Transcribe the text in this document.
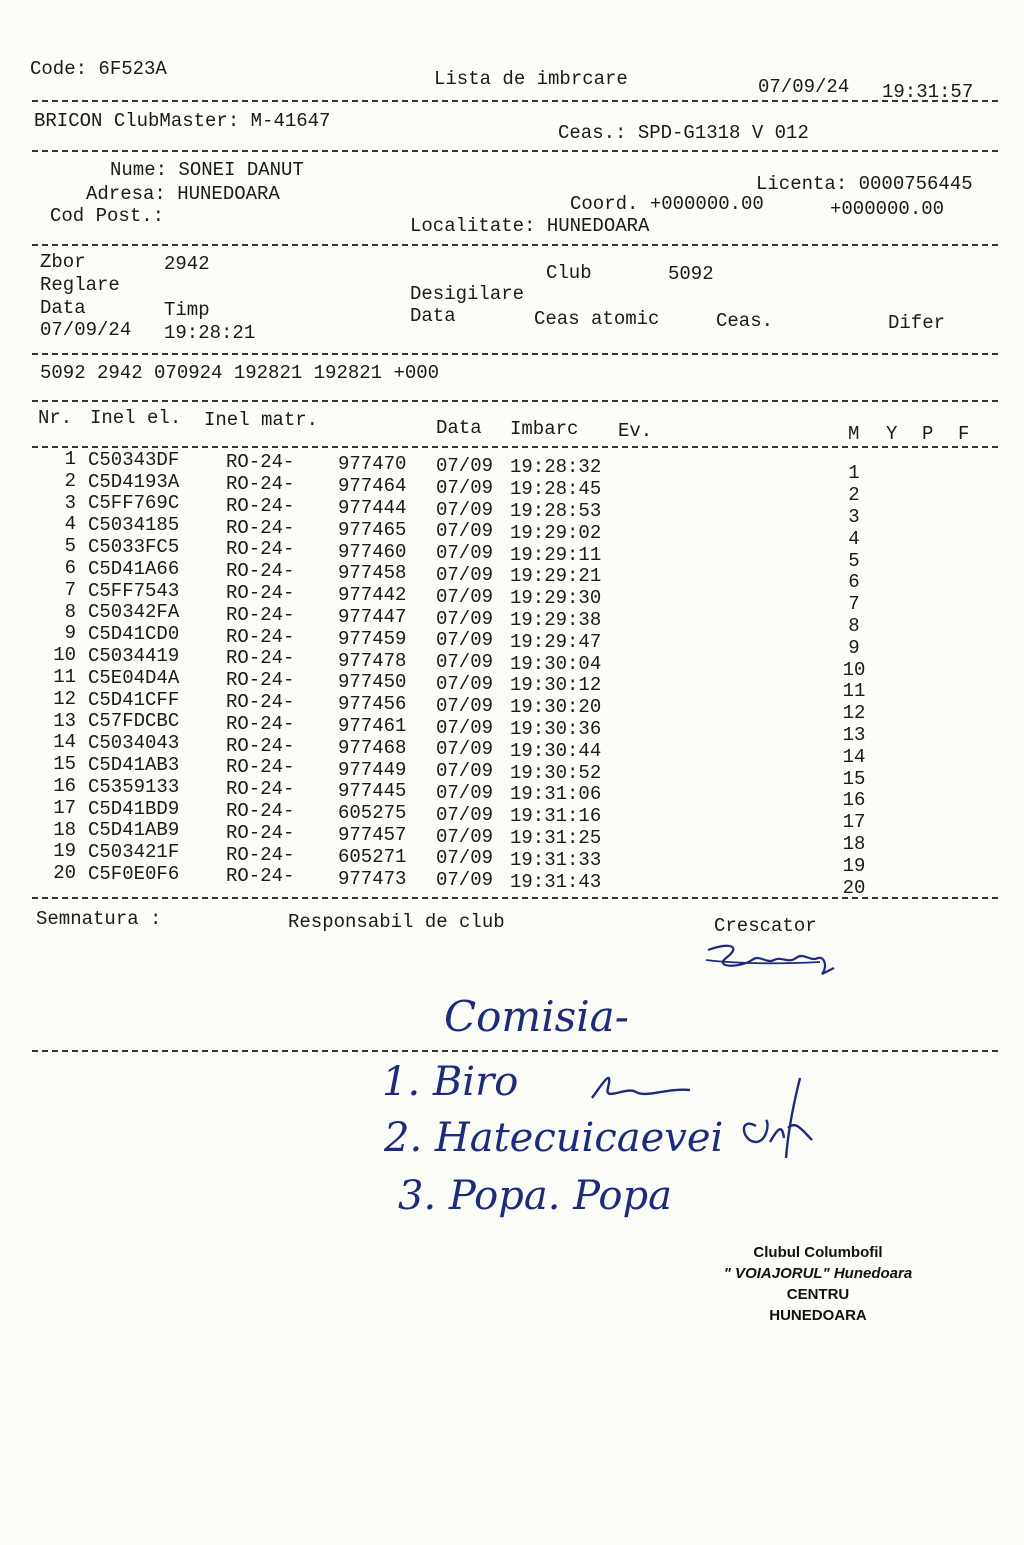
Code: 6F523A	Lista de imbrcare	07/09/24 19:31:57
BRICON ClubMaster: M-41647
Ceas.: SPD-G1318 V 012
Nume: SONEI DANUT
Adresa: HUNEDOARA
Cod Post.:
Licenta: 0000756445
Coord. +000000.00	+000000.00
Localitate: HUNEDOARA
Zbor	2942	Club	5092
Reglare	Desigilare
Data	Timp	Data	Ceas atomic	Ceas.	Difer
07/09/24 19:28:21
5092 2942 070924 192821 192821 +000
Nr. Inel el. Inel matr.	Data Imbarc Ev.	M Y P F
1 C50343DF RO-24- 977470 07/09 19:28:32	1
2 C5D4193A RO-24- 977464 07/09 19:28:45	2
3 C5FF769C RO-24- 977444 07/09 19:28:53	3
4 C5034185 RO-24- 977465 07/09 19:29:02	4
5 C5033FC5 RO-24- 977460 07/09 19:29:11	5
6 C5D41A66 RO-24- 977458 07/09 19:29:21	6
7 C5FF7543 RO-24- 977442 07/09 19:29:30	7
8 C50342FA RO-24- 977447 07/09 19:29:38	8
9 C5D41CD0 RO-24- 977459 07/09 19:29:47	9
10 C5034419 RO-24- 977478 07/09 19:30:04	10
11 C5E04D4A RO-24- 977450 07/09 19:30:12	11
12 C5D41CFF RO-24- 977456 07/09 19:30:20	12
13 C57FDCBC RO-24- 977461 07/09 19:30:36	13
14 C5034043 RO-24- 977468 07/09 19:30:44	14
15 C5D41AB3 RO-24- 977449 07/09 19:30:52	15
16 C5359133 RO-24- 977445 07/09 19:31:06	16
17 C5D41BD9 RO-24- 605275 07/09 19:31:16	17
18 C5D41AB9 RO-24- 977457 07/09 19:31:25	18
19 C503421F RO-24- 605271 07/09 19:31:33	19
20 C5F0E0F6 RO-24- 977473 07/09 19:31:43	20
Semnatura :	Responsabil de club	Crescator
Comisia-
1. Biro
2. Hatecuicaevei
3. Popa. Popa
Clubul Columbofil
" VOIAJORUL" Hunedoara
CENTRU
HUNEDOARA
